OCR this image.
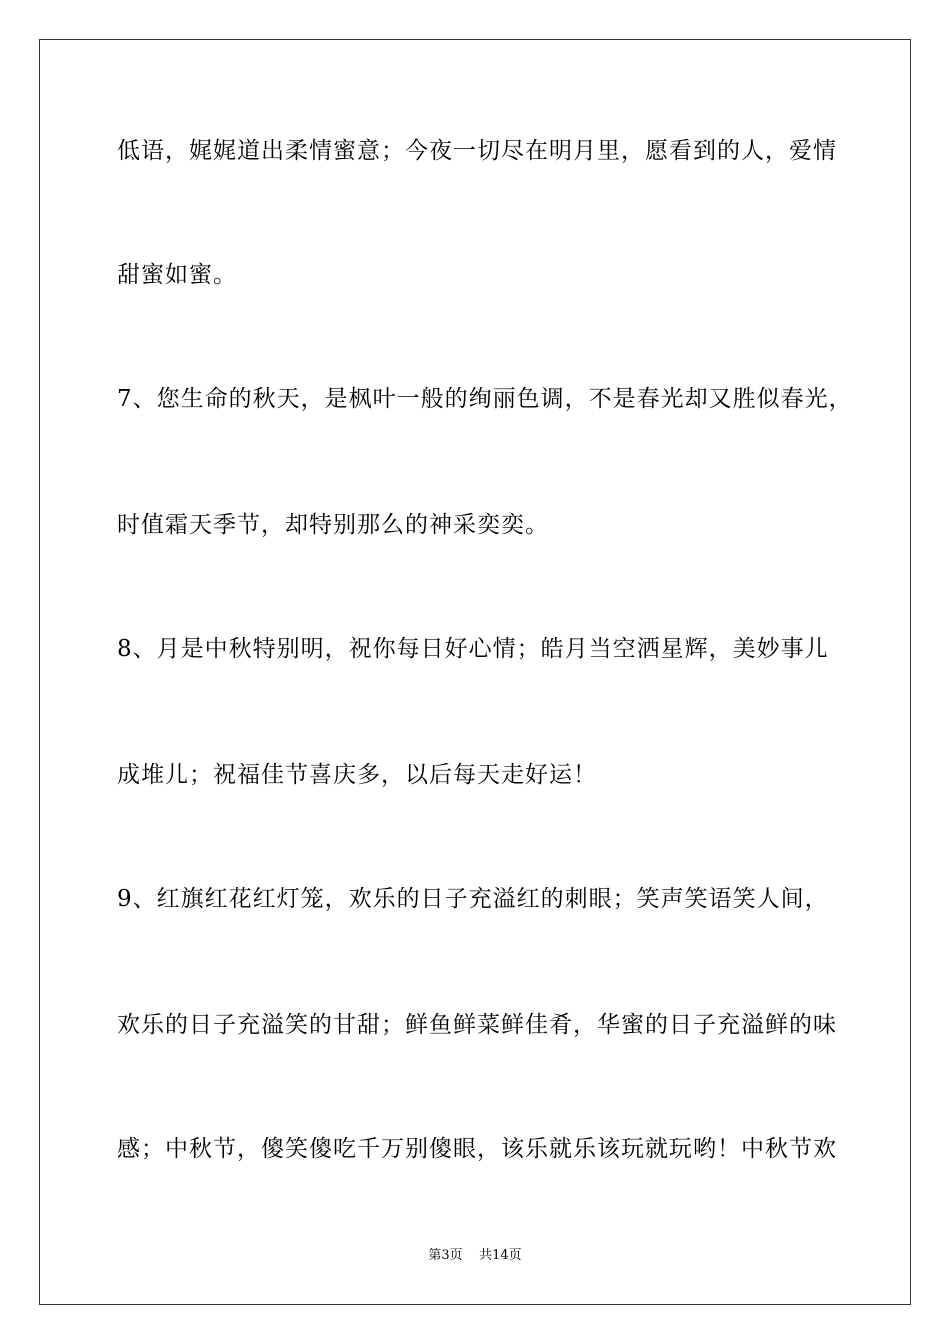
低语，娓娓道出柔情蜜意；今夜一切尽在明月里，愿看到的人，爱情
甜蜜如蜜。
7、您生命的秋天，是枫叶一般的绚丽色调，不是春光却又胜似春光，
时值霜天季节，却特别那么的神采奕奕。
8、月是中秋特别明，祝你每日好心情；皓月当空洒星辉，美妙事儿
成堆儿；祝福佳节喜庆多，以后每天走好运！
9、红旗红花红灯笼，欢乐的日子充溢红的刺眼；笑声笑语笑人间，
欢乐的日子充溢笑的甘甜；鲜鱼鲜菜鲜佳肴，华蜜的日子充溢鲜的味
感；中秋节，傻笑傻吃千万别傻眼，该乐就乐该玩就玩哟！中秋节欢
第3页 共14页
